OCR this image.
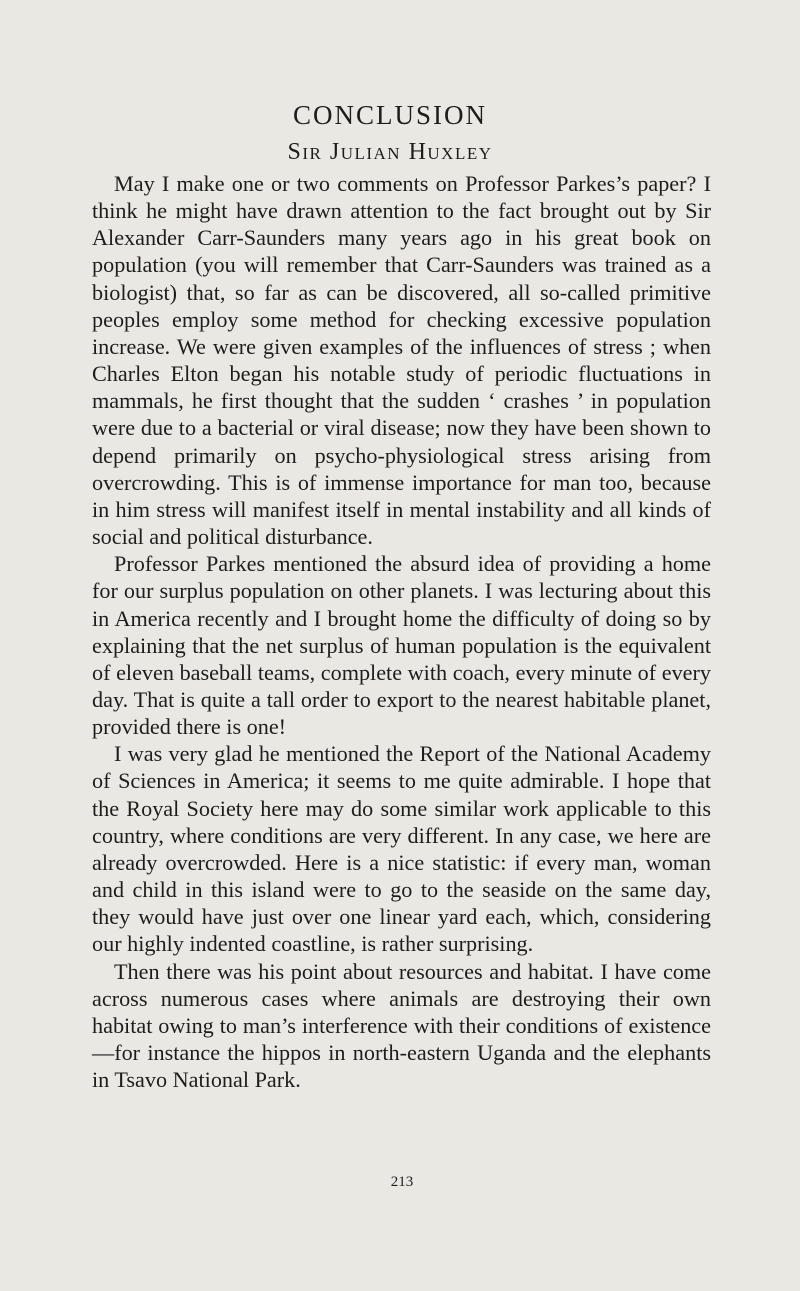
CONCLUSION
Sir Julian Huxley

May I make one or two comments on Professor Parkes’s paper? I think he might have drawn attention to the fact brought out by Sir Alexander Carr-Saunders many years ago in his great book on population (you will remember that Carr-Saunders was trained as a biologist) that, so far as can be discovered, all so-called primitive peoples employ some method for checking excessive population increase. We were given examples of the influences of stress ; when Charles Elton began his notable study of periodic fluctuations in mammals, he first thought that the sudden ‘ crashes ’ in population were due to a bacterial or viral disease; now they have been shown to depend primarily on psycho-physiological stress arising from overcrowding. This is of immense importance for man too, because in him stress will manifest itself in mental instability and all kinds of social and political disturbance.

Professor Parkes mentioned the absurd idea of providing a home for our surplus population on other planets. I was lecturing about this in America recently and I brought home the difficulty of doing so by explaining that the net surplus of human population is the equivalent of eleven baseball teams, complete with coach, every minute of every day. That is quite a tall order to export to the nearest habitable planet, provided there is one!

I was very glad he mentioned the Report of the National Academy of Sciences in America; it seems to me quite admirable. I hope that the Royal Society here may do some similar work applicable to this country, where conditions are very different. In any case, we here are already overcrowded. Here is a nice statistic: if every man, woman and child in this island were to go to the seaside on the same day, they would have just over one linear yard each, which, considering our highly indented coastline, is rather surprising.

Then there was his point about resources and habitat. I have come across numerous cases where animals are destroying their own habitat owing to man’s interference with their conditions of existence—for instance the hippos in north-eastern Uganda and the elephants in Tsavo National Park.

213
